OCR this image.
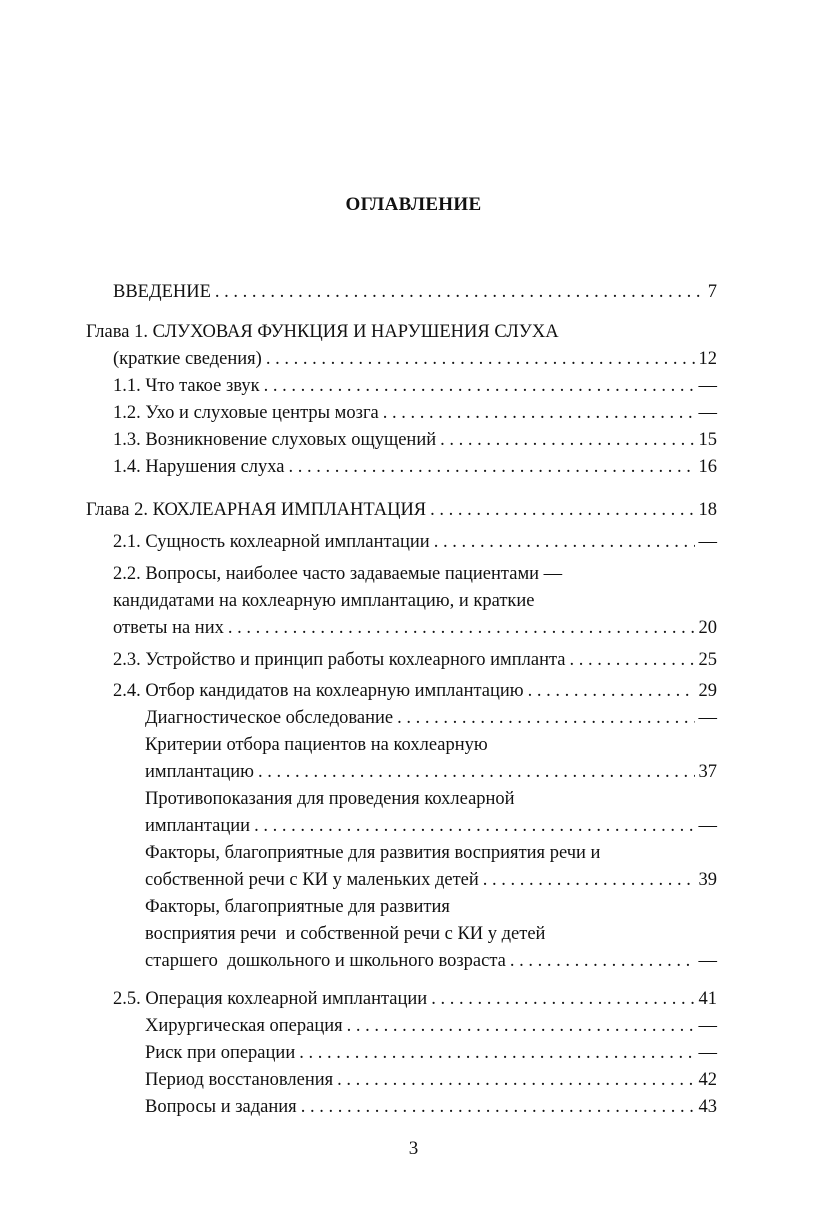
ОГЛАВЛЕНИЕ
ВВЕДЕНИЕ . . .	7
Глава 1. СЛУХОВАЯ ФУНКЦИЯ И НАРУШЕНИЯ СЛУХА
(краткие сведения) . . .	12
1.1. Что такое звук . . .	—
1.2. Ухо и слуховые центры мозга . . .	—
1.3. Возникновение слуховых ощущений . . .	15
1.4. Нарушения слуха . . .	16
Глава 2. КОХЛЕАРНАЯ ИМПЛАНТАЦИЯ . . .	18
2.1. Сущность кохлеарной имплантации . . .	—
2.2. Вопросы, наиболее часто задаваемые пациентами —
кандидатами на кохлеарную имплантацию, и краткие
ответы на них . . .	20
2.3. Устройство и принцип работы кохлеарного импланта . . .	25
2.4. Отбор кандидатов на кохлеарную имплантацию . . .	29
Диагностическое обследование . . .	—
Критерии отбора пациентов на кохлеарную
имплантацию . . .	37
Противопоказания для проведения кохлеарной
имплантации . . .	—
Факторы, благоприятные для развития восприятия речи и
собственной речи с КИ у маленьких детей . . .	39
Факторы, благоприятные для развития
восприятия речи  и собственной речи с КИ у детей
старшего  дошкольного и школьного возраста . . .	—
2.5. Операция кохлеарной имплантации . . .	41
Хирургическая операция . . .	—
Риск при операции . . .	—
Период восстановления . . .	42
Вопросы и задания . . .	43
3
